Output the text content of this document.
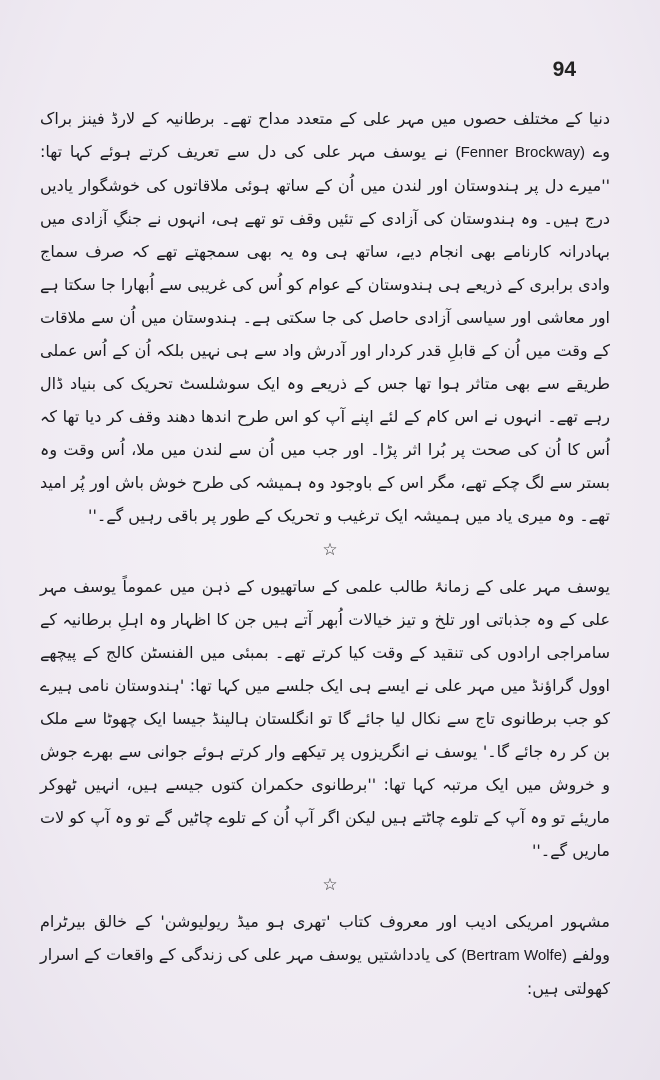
94

دنیا کے مختلف حصوں میں مہر علی کے متعدد مداح تھے۔ برطانیہ کے لارڈ فینز براک وے (Fenner Brockway) نے یوسف مہر علی کی دل سے تعریف کرتے ہوئے کہا تھا: ''میرے دل پر ہندوستان اور لندن میں اُن کے ساتھ ہوئی ملاقاتوں کی خوشگوار یادیں درج ہیں۔ وہ ہندوستان کی آزادی کے تئیں وقف تو تھے ہی، انہوں نے جنگِ آزادی میں بہادرانہ کارنامے بھی انجام دیے، ساتھ ہی وہ یہ بھی سمجھتے تھے کہ صرف سماج وادی برابری کے ذریعے ہی ہندوستان کے عوام کو اُس کی غریبی سے اُبھارا جا سکتا ہے اور معاشی اور سیاسی آزادی حاصل کی جا سکتی ہے۔ ہندوستان میں اُن سے ملاقات کے وقت میں اُن کے قابلِ قدر کردار اور آدرش واد سے ہی نہیں بلکہ اُن کے اُس عملی طریقے سے بھی متاثر ہوا تھا جس کے ذریعے وہ ایک سوشلسٹ تحریک کی بنیاد ڈال رہے تھے۔ انہوں نے اس کام کے لئے اپنے آپ کو اس طرح اندھا دھند وقف کر دیا تھا کہ اُس کا اُن کی صحت پر بُرا اثر پڑا۔ اور جب میں اُن سے لندن میں ملا، اُس وقت وہ بستر سے لگ چکے تھے، مگر اس کے باوجود وہ ہمیشہ کی طرح خوش باش اور پُر امید تھے۔ وہ میری یاد میں ہمیشہ ایک ترغیب و تحریک کے طور پر باقی رہیں گے۔''

☆

یوسف مہر علی کے زمانۂ طالب علمی کے ساتھیوں کے ذہن میں عموماً یوسف مہر علی کے وہ جذباتی اور تلخ و تیز خیالات اُبھر آتے ہیں جن کا اظہار وہ اہلِ برطانیہ کے سامراجی ارادوں کی تنقید کے وقت کیا کرتے تھے۔ بمبئی میں الفنسٹن کالج کے پیچھے اوول گراؤنڈ میں مہر علی نے ایسے ہی ایک جلسے میں کہا تھا: 'ہندوستان نامی ہیرے کو جب برطانوی تاج سے نکال لیا جائے گا تو انگلستان ہالینڈ جیسا ایک چھوٹا سے ملک بن کر رہ جائے گا۔' یوسف نے انگریزوں پر تیکھے وار کرتے ہوئے جوانی سے بھرے جوش و خروش میں ایک مرتبہ کہا تھا: ''برطانوی حکمران کتوں جیسے ہیں، انہیں ٹھوکر ماریئے تو وہ آپ کے تلوے چاٹتے ہیں لیکن اگر آپ اُن کے تلوے چاٹیں گے تو وہ آپ کو لات ماریں گے۔''

☆

مشہور امریکی ادیب اور معروف کتاب 'تھری ہو میڈ ریولیوشن' کے خالق بیرٹرام وولفے (Bertram Wolfe) کی یادداشتیں یوسف مہر علی کی زندگی کے واقعات کے اسرار کھولتی ہیں:
